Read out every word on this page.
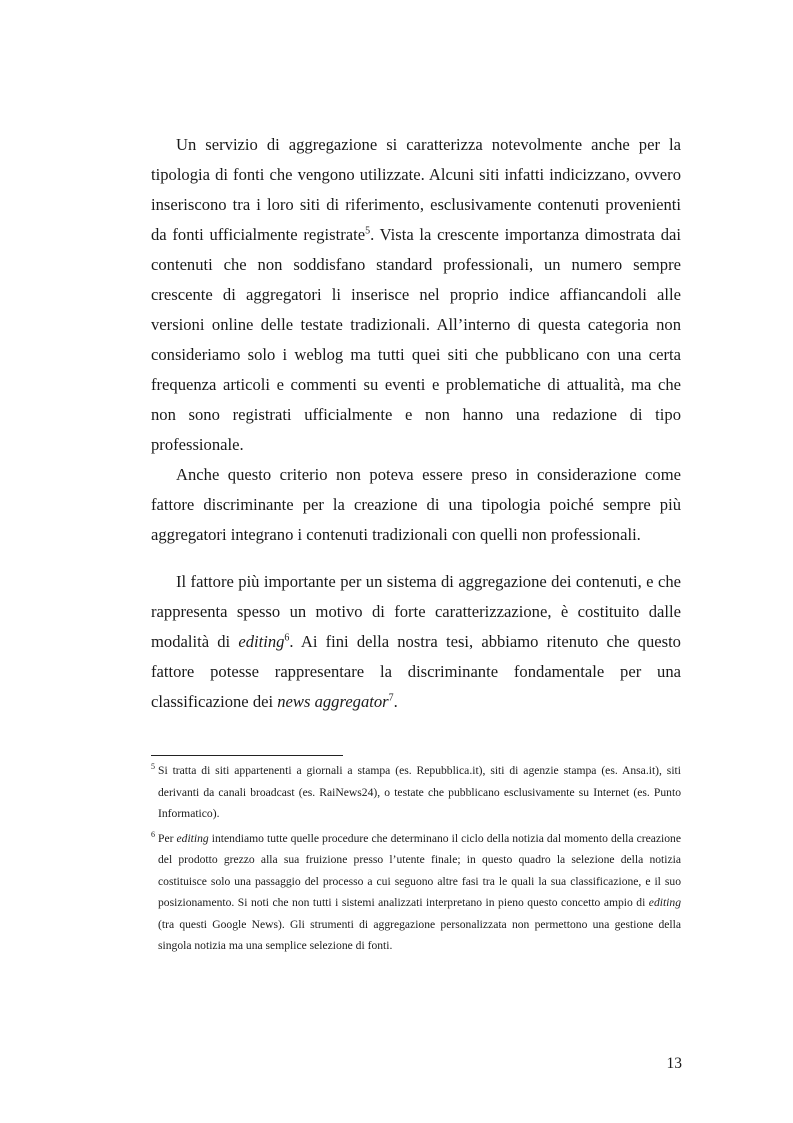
Un servizio di aggregazione si caratterizza notevolmente anche per la tipologia di fonti che vengono utilizzate. Alcuni siti infatti indicizzano, ovvero inseriscono tra i loro siti di riferimento, esclusivamente contenuti provenienti da fonti ufficialmente registrate$^5$. Vista la crescente importanza dimostrata dai contenuti che non soddisfano standard professionali, un numero sempre crescente di aggregatori li inserisce nel proprio indice affiancandoli alle versioni online delle testate tradizionali. All’interno di questa categoria non consideriamo solo i weblog ma tutti quei siti che pubblicano con una certa frequenza articoli e commenti su eventi e problematiche di attualità, ma che non sono registrati ufficialmente e non hanno una redazione di tipo professionale.

Anche questo criterio non poteva essere preso in considerazione come fattore discriminante per la creazione di una tipologia poiché sempre più aggregatori integrano i contenuti tradizionali con quelli non professionali.

Il fattore più importante per un sistema di aggregazione dei contenuti, e che rappresenta spesso un motivo di forte caratterizzazione, è costituito dalle modalità di editing$^6$. Ai fini della nostra tesi, abbiamo ritenuto che questo fattore potesse rappresentare la discriminante fondamentale per una classificazione dei news aggregator$^7$.

5 Si tratta di siti appartenenti a giornali a stampa (es. Repubblica.it), siti di agenzie stampa (es. Ansa.it), siti derivanti da canali broadcast (es. RaiNews24), o testate che pubblicano esclusivamente su Internet (es. Punto Informatico).
6 Per editing intendiamo tutte quelle procedure che determinano il ciclo della notizia dal momento della creazione del prodotto grezzo alla sua fruizione presso l’utente finale; in questo quadro la selezione della notizia costituisce solo una passaggio del processo a cui seguono altre fasi tra le quali la sua classificazione, e il suo posizionamento. Si noti che non tutti i sistemi analizzati interpretano in pieno questo concetto ampio di editing (tra questi Google News). Gli strumenti di aggregazione personalizzata non permettono una gestione della singola notizia ma una semplice selezione di fonti.
13
